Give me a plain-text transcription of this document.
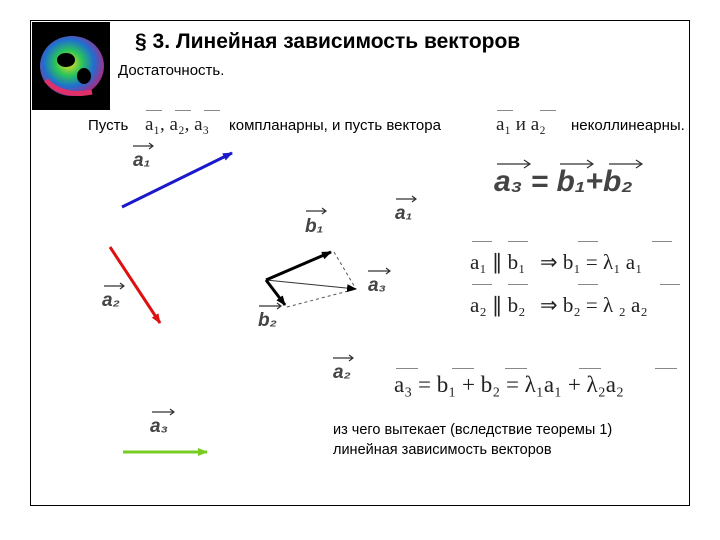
§ 3. Линейная зависимость векторов
Достаточность.
Пусть a₁, a₂, a₃ компланарны, и пусть вектора	a₁ и a₂ неколлинеарны.
a₁
a₂
a₃
b₁
a₁
a₃
b₂
a₂
a₃ = b₁+b₂
a₁ ∥ b₁ ⇒ b₁ = λ₁ a₁
a₂ ∥ b₂ ⇒ b₂ = λ ₂ a₂
a₃ = b₁ + b₂ = λ₁a₁ + λ₂a₂
из чего вытекает (вследствие теоремы 1)
линейная зависимость векторов
